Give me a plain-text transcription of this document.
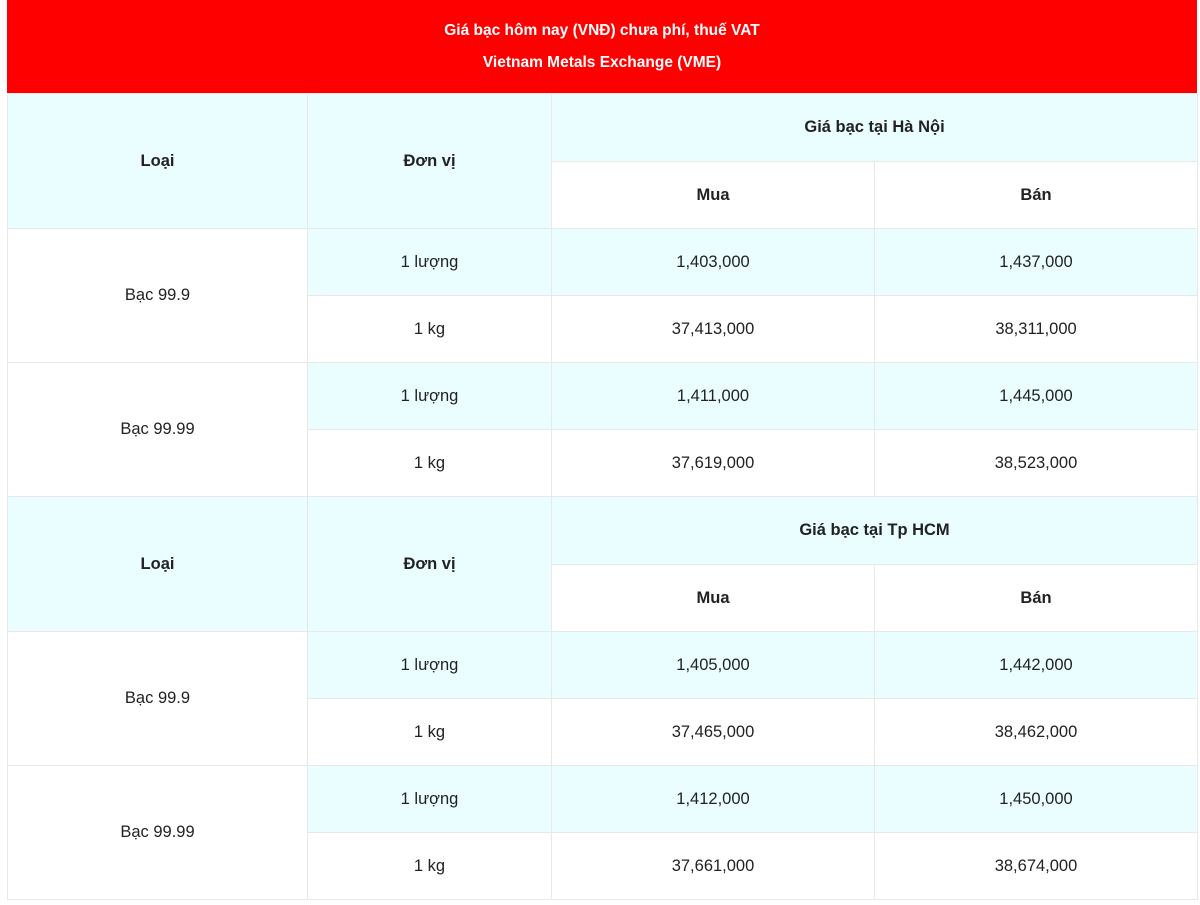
Giá bạc hôm nay (VNĐ) chưa phí, thuế VAT
Vietnam Metals Exchange (VME)
Loại	Đơn vị	Giá bạc tại Hà Nội	
		Mua	Bán
Bạc 99.9	1 lượng	1,403,000	1,437,000
	1 kg	37,413,000	38,311,000
Bạc 99.99	1 lượng	1,411,000	1,445,000
	1 kg	37,619,000	38,523,000
Loại	Đơn vị	Giá bạc tại Tp HCM	
		Mua	Bán
Bạc 99.9	1 lượng	1,405,000	1,442,000
	1 kg	37,465,000	38,462,000
Bạc 99.99	1 lượng	1,412,000	1,450,000
	1 kg	37,661,000	38,674,000
